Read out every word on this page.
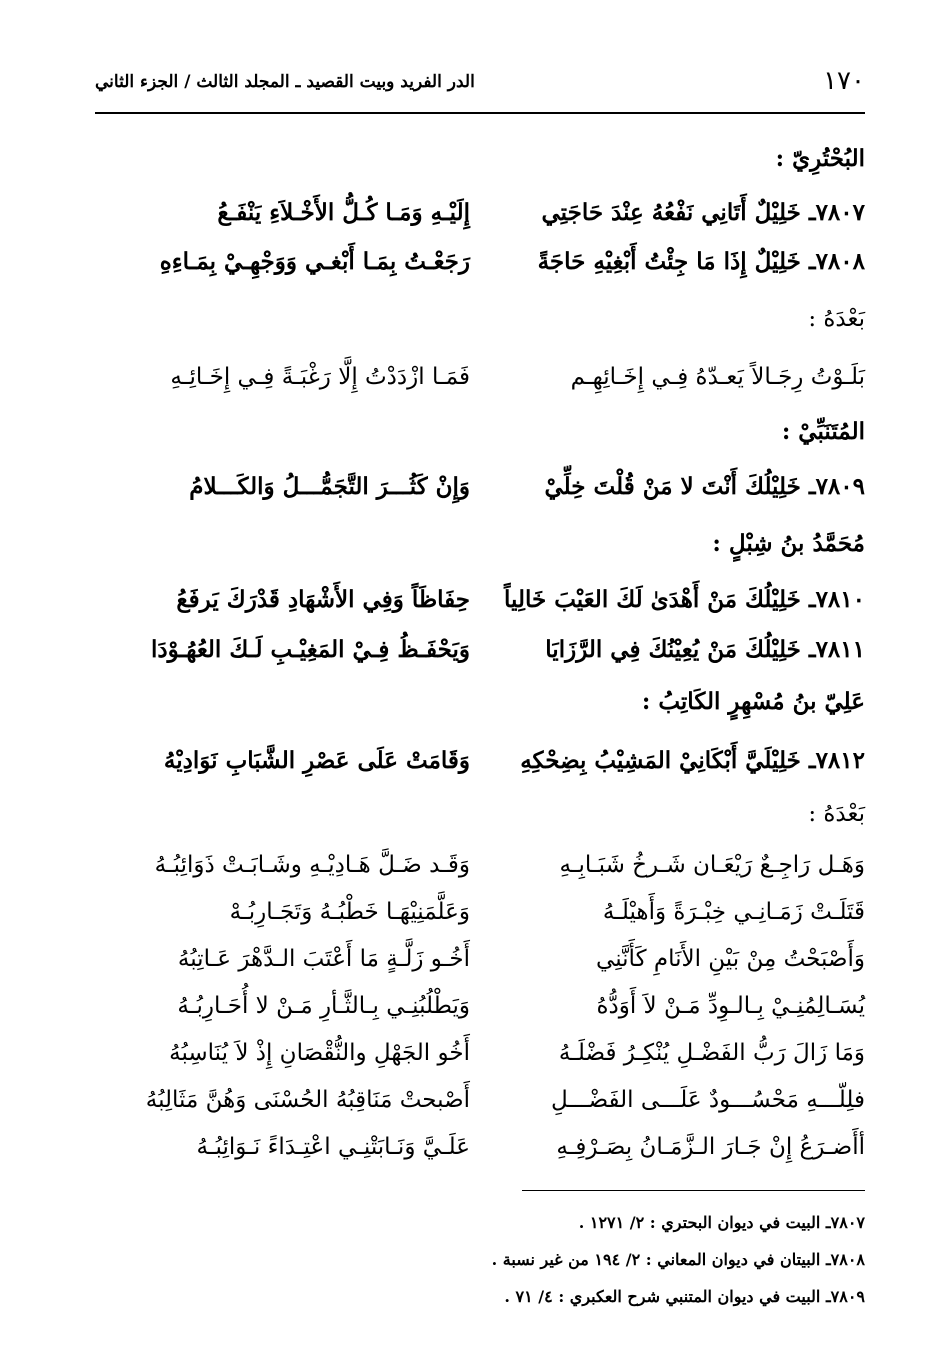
١٧٠
الدر الفريد وبيت القصيد ـ المجلد الثالث / الجزء الثاني
البُحْتُرِيّ :
٧٨٠٧ـ خَلِيْلٌ أَتَانِي نَفْعُهُ عِنْدَ حَاجَتِي
إِلَيْـهِ وَمَـا كُـلُّ الأَخْـلاَءِ يَنْفَـعُ
٧٨٠٨ـ خَلِيْلٌ إِذَا مَا جِئْتُ أَبْغِيْهِ حَاجَةً
رَجَعْـتُ بِمَـا أَبْغـي وَوَجْهِـيْ بِمَـاءِهِ
بَعْدَهُ :
بَلَـوْتُ رِجَـالاً يَعـدّهُ فِـي إِخَـائِهِـم
فَمَـا ازْدَدْتُ إِلَّا رَغْبَـةً فِـي إِخَـائِـهِ
المُتَنَبِّيْ :
٧٨٠٩ـ خَلِيْلُكَ أَنْتَ لا مَنْ قُلْتَ خِلِّيْ
وَإِنْ كَثُـــرَ التَّجَمُّـــلُ وَالكَـــلامُ
مُحَمَّدُ بنُ شِبْلٍ :
٧٨١٠ـ خَلِيْلُكَ مَنْ أَهْدَىٰ لَكَ العَيْبَ خَالِياً
حِفَاظَاً وَفِي الأَشْهَادِ قَدْرَكَ يَرفَعُ
٧٨١١ـ خَلِيْلُكَ مَنْ يُعِيْنُكَ فِي الرَّزَايَا
وَيَحْفَـظُ فِـيْ المَغِيْـبِ لَـكَ العُهُـوْدَا
عَلِيّ بنُ مُسْهِرٍ الكَاتِبُ :
٧٨١٢ـ خَلِيْلَيَّ أَبْكَانِيْ المَشِيْبُ بِضِحْكِهِ
وَقَامَتْ عَلَى عَصْرِ الشَّبَابِ نَوَادِيْهُ
بَعْدَهُ :
وَهَـل رَاجِـعٌ رَيْعَـان شَـرخُ شَبَـابِـهِ
وَقَـد ضَـلَّ هَـادِيْـهِ وشَـابَـتْ ذَوَائِبُـهُ
قَتَلَـتْ زَمَـانِـي خِبْـرَةً وَأَهيْلَـهُ
وَعَلَّمَنِيْهَـا خَطْبُـهُ وَتَجَـارِبُـهْ
وَأَصْبَحْتُ مِنْ بَيْنِ الأَنَامِ كَأَنَّنِي
أَخُـو زَلَّـةٍ مَا أَعْتَبَ الـدَّهْرَ عَـاتِبُهُ
يُسَـالِمُنِـيْ بِـالـوِدِّ مَـنْ لاَ أَوَدُّهُ
وَيَطْلُبُنِـي بِـالثَّـأرِ مَـنْ لا أُحَـارِبُـهُ
وَمَا زَالَ رَبُّ الفَضْـلِ يُنْكِـرُ فَضْلَـهُ
أَخُو الجَهْلِ والنُّقْصَانِ إِذْ لاَ يُنَاسِبُهُ
فلِلّـــهِ مَحْسُـــودٌ عَلَـــى الفَضْـــلِ
أَصْبحتْ مَنَاقِبُهُ الحُسْنَى وَهُنَّ مَثَالِبُهُ
أأَضـرَعُ إِنْ جَـارَ الـزَّمَـانُ بِصَـرْفِـهِ
عَلَـيَّ وَنَـابَتْنِـي اعْتِـدَاءً نَـوَائِبُـهُ
٧٨٠٧ـ البيت في ديوان البحتري : ٢/ ١٢٧١ .
٧٨٠٨ـ البيتان في ديوان المعاني : ٢/ ١٩٤ من غير نسبة .
٧٨٠٩ـ البيت في ديوان المتنبي شرح العكبري : ٤/ ٧١ .
